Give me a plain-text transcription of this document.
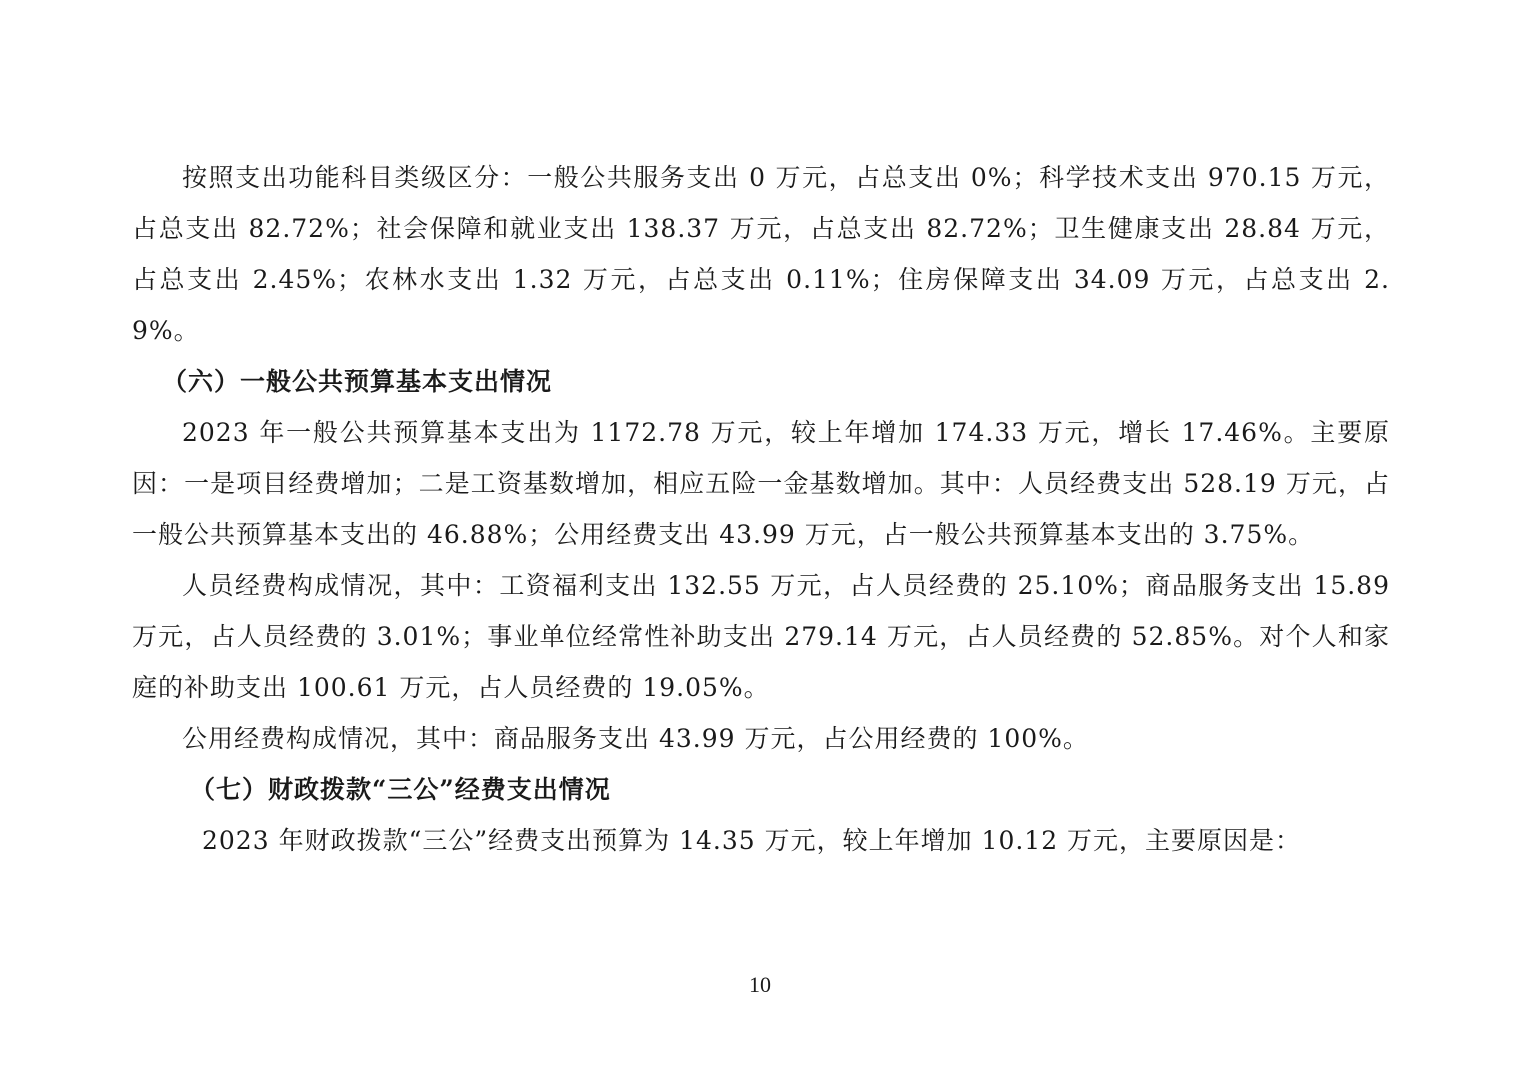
按照支出功能科目类级区分：一般公共服务支出 0 万元，占总支出 0%；科学技术支出 970.15 万元，占总支出 82.72%；社会保障和就业支出 138.37 万元，占总支出 82.72%；卫生健康支出 28.84 万元，占总支出 2.45%；农林水支出 1.32 万元，占总支出 0.11%；住房保障支出 34.09 万元，占总支出 2.9%。

（六）一般公共预算基本支出情况

2023 年一般公共预算基本支出为 1172.78 万元，较上年增加 174.33 万元，增长 17.46%。主要原因：一是项目经费增加；二是工资基数增加，相应五险一金基数增加。其中：人员经费支出 528.19 万元，占一般公共预算基本支出的 46.88%；公用经费支出 43.99 万元，占一般公共预算基本支出的 3.75%。

人员经费构成情况，其中：工资福利支出 132.55 万元，占人员经费的 25.10%；商品服务支出 15.89 万元，占人员经费的 3.01%；事业单位经常性补助支出 279.14 万元，占人员经费的 52.85%。对个人和家庭的补助支出 100.61 万元，占人员经费的 19.05%。

公用经费构成情况，其中：商品服务支出 43.99 万元，占公用经费的 100%。

（七）财政拨款“三公”经费支出情况

2023 年财政拨款“三公”经费支出预算为 14.35 万元，较上年增加 10.12 万元，主要原因是：

10
